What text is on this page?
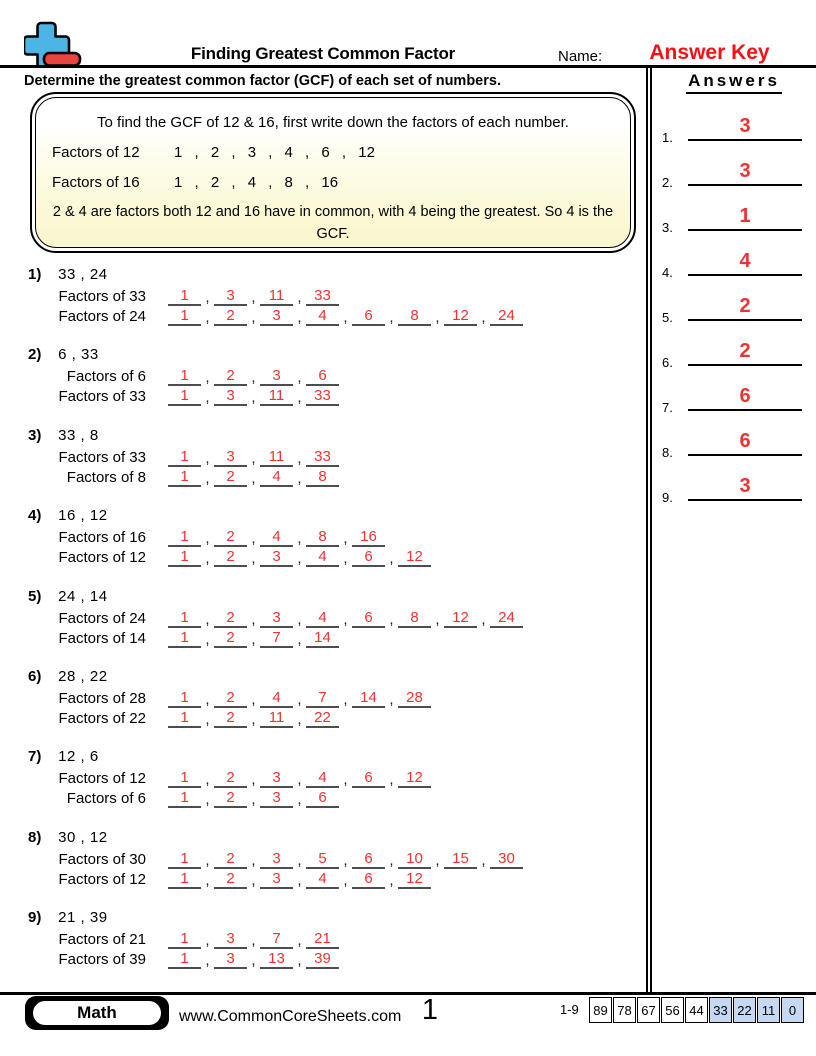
Finding Greatest Common Factor	Name:	Answer Key
Determine the greatest common factor (GCF) of each set of numbers.	Answers
1.
3
2.
3
3.
1
4.
4
5.
2
6.
2
7.
6
8.
6
9.
3
To find the GCF of 12 & 16, first write down the factors of each number.
Factors of 12	1 , 2 , 3 , 4 , 6 , 12
Factors of 16	1 , 2 , 4 , 8 , 16
2 & 4 are factors both 12 and 16 have in common, with 4 being the greatest. So 4 is the GCF.
1) 33 , 24
Factors of 33	1	,	3	, 11 , 33
Factors of 24	1	,	2	,	3	,	4	,	6	,	8	, 12 , 24
2) 6 , 33
Factors of 6	1	,	2	,	3	,	6
Factors of 33	1	,	3	, 11 , 33
3) 33 , 8
Factors of 33	1	,	3	, 11 , 33
Factors of 8	1	,	2	,	4	,	8
4) 16 , 12
Factors of 16	1	,	2	,	4	,	8	, 16
Factors of 12	1	,	2	,	3	,	4	,	6	, 12
5) 24 , 14
Factors of 24	1	,	2	,	3	,	4	,	6	,	8	, 12 , 24
Factors of 14	1	,	2	,	7	, 14
6) 28 , 22
Factors of 28	1	,	2	,	4	,	7	, 14 , 28
Factors of 22	1	,	2	, 11 , 22
7) 12 , 6
Factors of 12	1	,	2	,	3	,	4	,	6	, 12
Factors of 6	1	,	2	,	3	,	6
8) 30 , 12
Factors of 30	1	,	2	,	3	,	5	,	6	, 10 , 15 , 30
Factors of 12	1	,	2	,	3	,	4	,	6	, 12
9) 21 , 39
Factors of 21	1	,	3	,	7	, 21
Factors of 39	1	,	3	, 13 , 39
Math	www.CommonCoreSheets.com 1	1-9	89 78 67 56 44 33 22 11	0
